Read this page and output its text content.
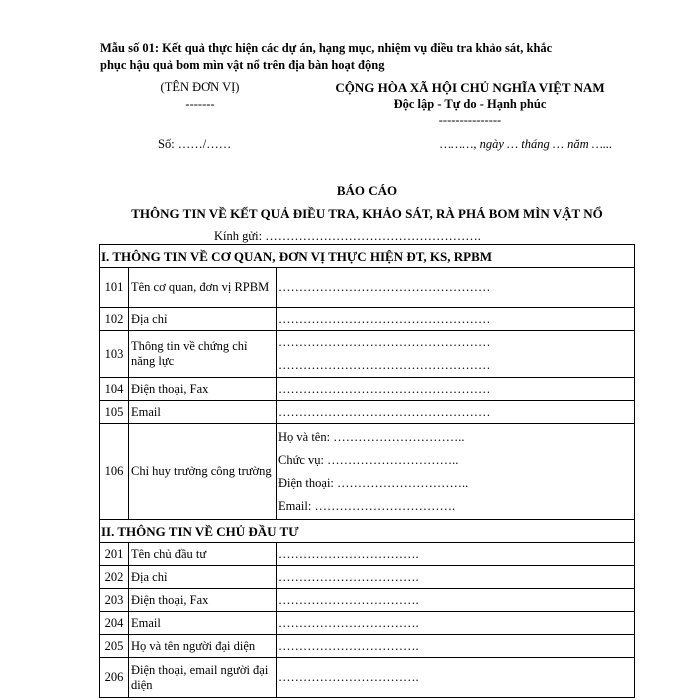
Mẫu số 01: Kết quả thực hiện các dự án, hạng mục, nhiệm vụ điều tra khảo sát, khắc
phục hậu quả bom mìn vật nổ trên địa bàn hoạt động
(TÊN ĐƠN VỊ)
-------
CỘNG HÒA XÃ HỘI CHỦ NGHĨA VIỆT NAM
Độc lập - Tự do - Hạnh phúc
---------------
Số: ……/……	………, ngày … tháng … năm …...
BÁO CÁO
THÔNG TIN VỀ KẾT QUẢ ĐIỀU TRA, KHẢO SÁT, RÀ PHÁ BOM MÌN VẬT NỔ
Kính gửi: …………………………………………….
I. THÔNG TIN VỀ CƠ QUAN, ĐƠN VỊ THỰC HIỆN ĐT, KS, RPBM		
101	Tên cơ quan, đơn vị RPBM	……………………………………………
102	Địa chỉ	……………………………………………
103	Thông tin về chứng chỉ năng lực	……………………………………………
……………………………………………

104	Điện thoại, Fax	……………………………………………
105	Email	……………………………………………
106	Chỉ huy trưởng công trường	Họ và tên: …………………………..
Chức vụ: …………………………..
Điện thoại: …………………………..
Email: …………………………….

II. THÔNG TIN VỀ CHỦ ĐẦU TƯ		
201	Tên chủ đầu tư	…………………………….
202	Địa chỉ	…………………………….
203	Điện thoại, Fax	…………………………….
204	Email	…………………………….
205	Họ và tên người đại diện	…………………………….
206	Điện thoại, email người đại diện	…………………………….
